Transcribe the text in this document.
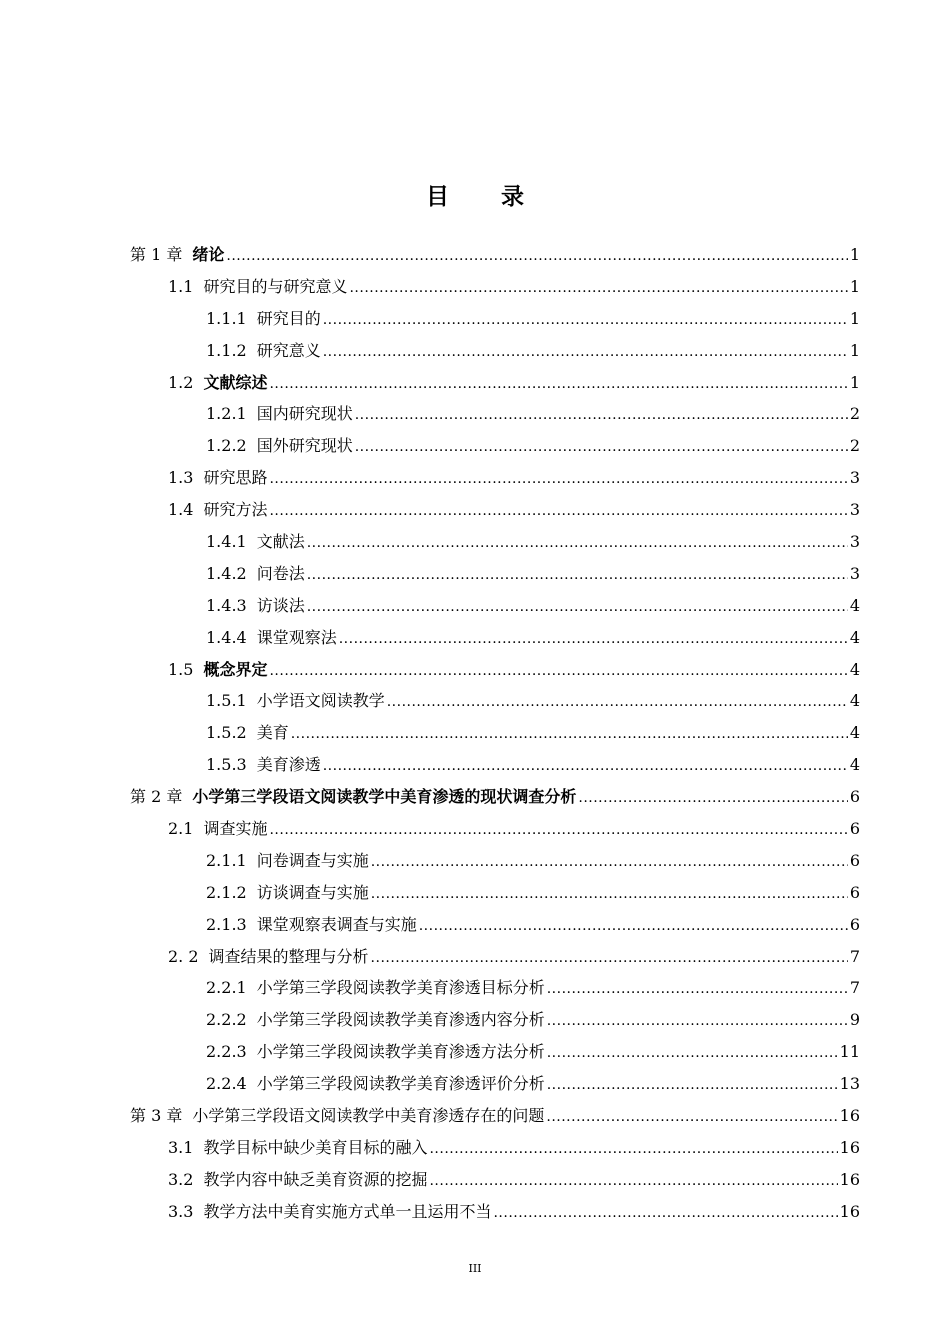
目 录
第 1 章 绪论 .....	1
1.1 研究目的与研究意义 .....	1
1.1.1 研究目的 .....	1
1.1.2 研究意义 .....	1
1.2 文献综述 .....	1
1.2.1 国内研究现状 .....	2
1.2.2 国外研究现状 .....	2
1.3 研究思路 .....	3
1.4 研究方法 .....	3
1.4.1 文献法 .....	3
1.4.2 问卷法 .....	3
1.4.3 访谈法 .....	4
1.4.4 课堂观察法 .....	4
1.5 概念界定 .....	4
1.5.1 小学语文阅读教学 .....	4
1.5.2 美育 .....	4
1.5.3 美育渗透 .....	4
第 2 章 小学第三学段语文阅读教学中美育渗透的现状调查分析 .....	6
2.1 调查实施 .....	6
2.1.1 问卷调查与实施 .....	6
2.1.2 访谈调查与实施 .....	6
2.1.3 课堂观察表调查与实施 .....	6
2. 2 调查结果的整理与分析 .....	7
2.2.1 小学第三学段阅读教学美育渗透目标分析 .....	7
2.2.2 小学第三学段阅读教学美育渗透内容分析 .....	9
2.2.3 小学第三学段阅读教学美育渗透方法分析 .....	11
2.2.4 小学第三学段阅读教学美育渗透评价分析 .....	13
第 3 章 小学第三学段语文阅读教学中美育渗透存在的问题 .....	16
3.1 教学目标中缺少美育目标的融入 .....	16
3.2 教学内容中缺乏美育资源的挖掘 .....	16
3.3 教学方法中美育实施方式单一且运用不当 .....	16
III
